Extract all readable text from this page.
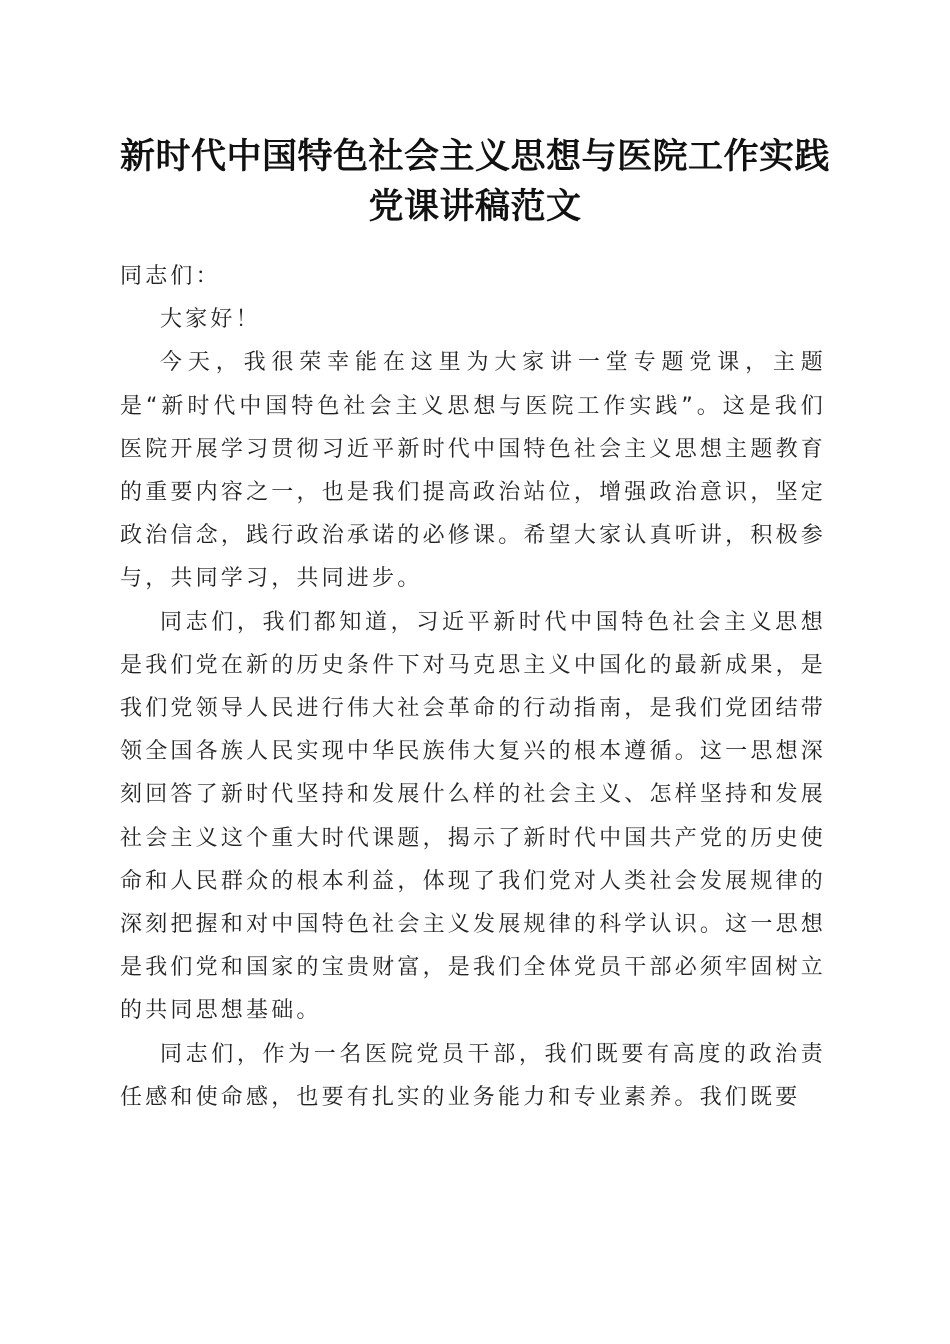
新时代中国特色社会主义思想与医院工作实践
党课讲稿范文

同志们：

大家好！

今天，我很荣幸能在这里为大家讲一堂专题党课，主题是“新时代中国特色社会主义思想与医院工作实践”。这是我们医院开展学习贯彻习近平新时代中国特色社会主义思想主题教育的重要内容之一，也是我们提高政治站位，增强政治意识，坚定政治信念，践行政治承诺的必修课。希望大家认真听讲，积极参与，共同学习，共同进步。

同志们，我们都知道，习近平新时代中国特色社会主义思想是我们党在新的历史条件下对马克思主义中国化的最新成果，是我们党领导人民进行伟大社会革命的行动指南，是我们党团结带领全国各族人民实现中华民族伟大复兴的根本遵循。这一思想深刻回答了新时代坚持和发展什么样的社会主义、怎样坚持和发展社会主义这个重大时代课题，揭示了新时代中国共产党的历史使命和人民群众的根本利益，体现了我们党对人类社会发展规律的深刻把握和对中国特色社会主义发展规律的科学认识。这一思想是我们党和国家的宝贵财富，是我们全体党员干部必须牢固树立的共同思想基础。

同志们，作为一名医院党员干部，我们既要有高度的政治责任感和使命感，也要有扎实的业务能力和专业素养。我们既要
